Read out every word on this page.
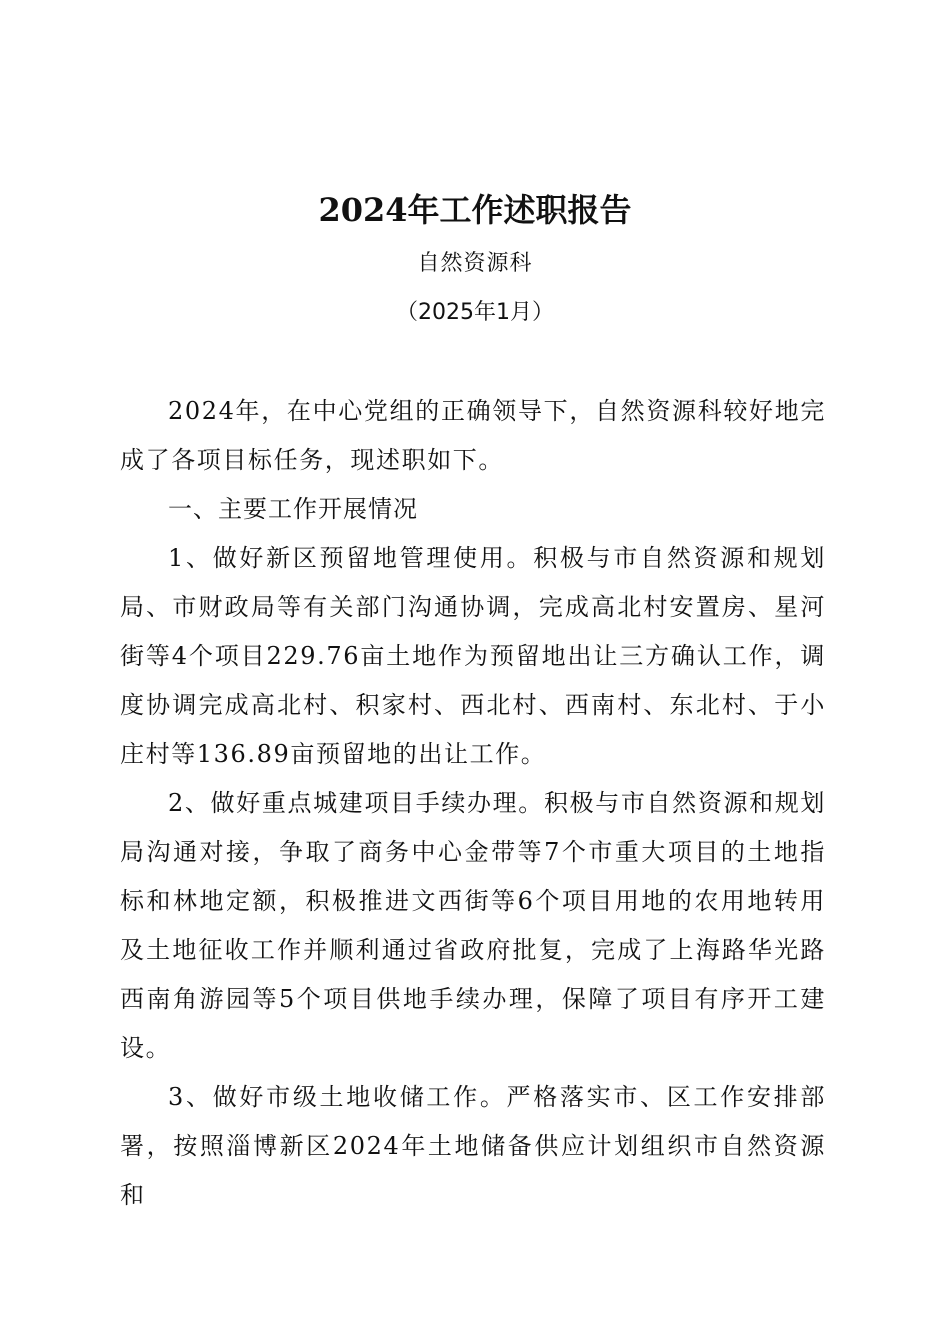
2024年工作述职报告
自然资源科
（2025年1月）

2024年，在中心党组的正确领导下，自然资源科较好地完成了各项目标任务，现述职如下。

一、主要工作开展情况

1、做好新区预留地管理使用。积极与市自然资源和规划局、市财政局等有关部门沟通协调，完成高北村安置房、星河街等4个项目229.76亩土地作为预留地出让三方确认工作，调度协调完成高北村、积家村、西北村、西南村、东北村、于小庄村等136.89亩预留地的出让工作。

2、做好重点城建项目手续办理。积极与市自然资源和规划局沟通对接，争取了商务中心金带等7个市重大项目的土地指标和林地定额，积极推进文西街等6个项目用地的农用地转用及土地征收工作并顺利通过省政府批复，完成了上海路华光路西南角游园等5个项目供地手续办理，保障了项目有序开工建设。

3、做好市级土地收储工作。严格落实市、区工作安排部署，按照淄博新区2024年土地储备供应计划组织市自然资源和
